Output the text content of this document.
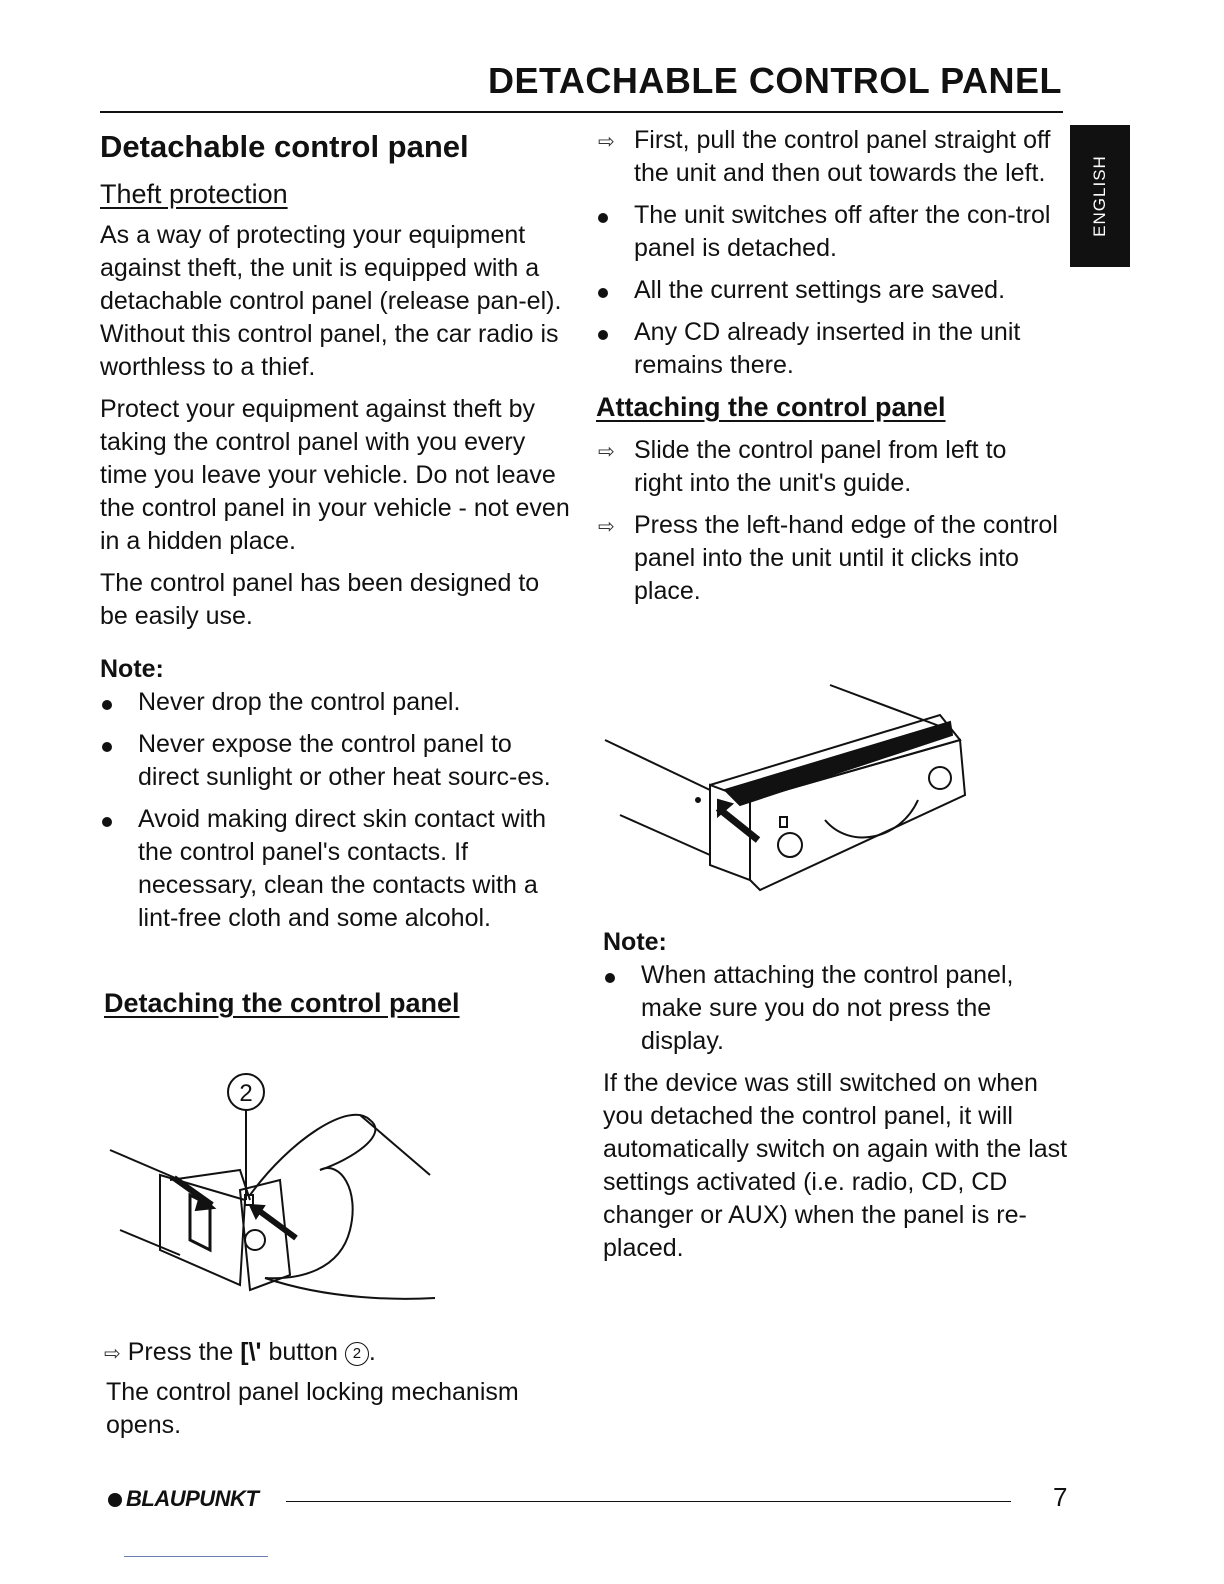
DETACHABLE CONTROL PANEL
ENGLISH
Detachable control panel
Theft protection

As a way of protecting your equipment against theft, the unit is equipped with a detachable control panel (release pan-el). Without this control panel, the car radio is worthless to a thief.

Protect your equipment against theft by taking the control panel with you every time you leave your vehicle. Do not leave the control panel in your vehicle - not even in a hidden place.

The control panel has been designed to be easily use.

Note:
Never drop the control panel.
Never expose the control panel to direct sunlight or other heat sourc-es.
Avoid making direct skin contact with the control panel's contacts. If necessary, clean the contacts with a lint-free cloth and some alcohol.
Detaching the control panel
2
⇨ Press the [\' button 2 .
The control panel locking mechanism opens.
⇨ First, pull the control panel straight off the unit and then out towards the left.
The unit switches off after the con-trol panel is detached.
All the current settings are saved.
Any CD already inserted in the unit remains there.
Attaching the control panel
⇨ Slide the control panel from left to right into the unit's guide.
⇨ Press the left-hand edge of the control panel into the unit until it clicks into place.
Note:
When attaching the control panel, make sure you do not press the display.

If the device was still switched on when you detached the control panel, it will automatically switch on again with the last settings activated (i.e. radio, CD, CD changer or AUX) when the panel is re-placed.

BLAUPUNKT	7
